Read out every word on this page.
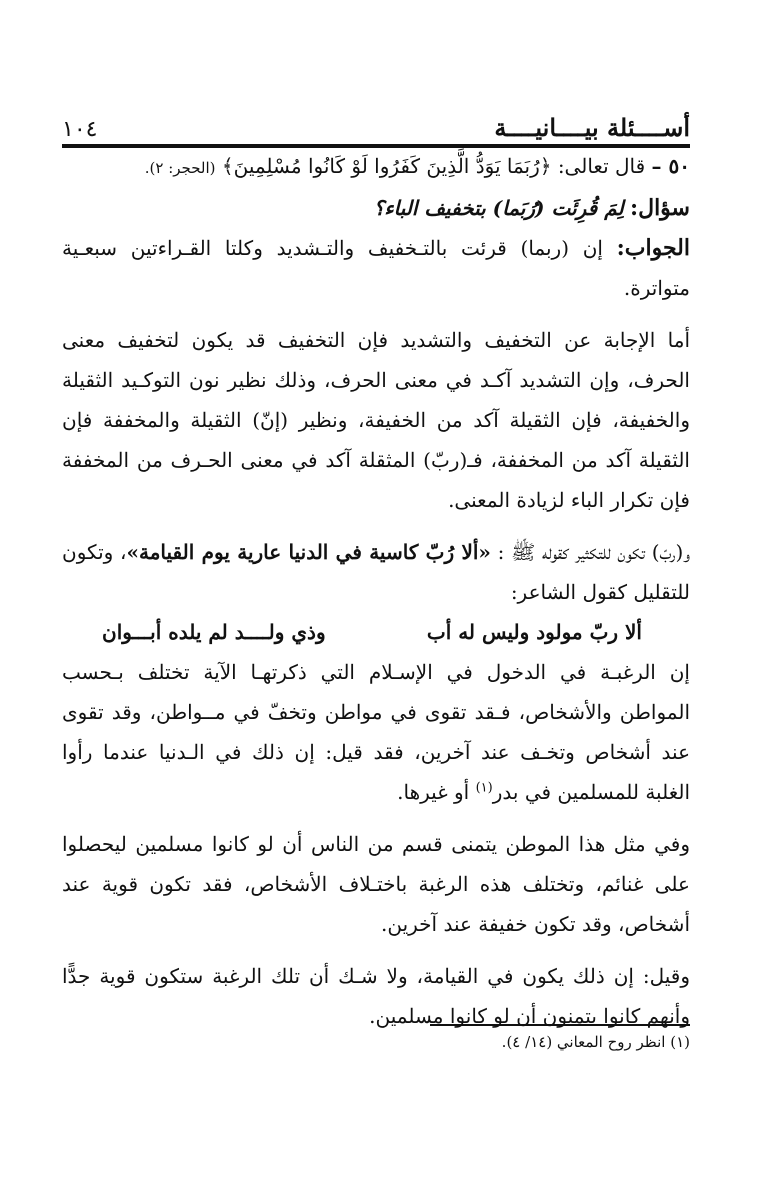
أســــئلة بيــــانيــــة
١٠٤

٥٠ – قال تعالى: ﴿رُبَمَا يَوَدُّ الَّذِينَ كَفَرُوا لَوْ كَانُوا مُسْلِمِينَ﴾ (الحجر: ٢).

سؤال: لِمَ قُرِئَت (رُبَما) بتخفيف الباء؟

الجواب: إن (ربما) قرئت بالتـخفيف والتـشديد وكلتا القـراءتين سبعـية متواترة.

أما الإجابة عن التخفيف والتشديد فإن التخفيف قد يكون لتخفيف معنى الحرف، وإن التشديد آكـد في معنى الحرف، وذلك نظير نون التوكـيد الثقيلة والخفيفة، فإن الثقيلة آكد من الخفيفة، ونظير (إنّ) الثقيلة والمخففة فإن الثقيلة آكد من المخففة، فـ(ربّ) المثقلة آكد في معنى الحـرف من المخففة فإن تكرار الباء لزيادة المعنى.

و(ربّ) تكون للتكثير كقوله ﷺ : «ألا رُبّ كاسية في الدنيا عارية يوم القيامة»، وتكون للتقليل كقول الشاعر:

ألا ربّ مولود وليس له أب
وذي ولــــد لم يلده أبـــوان

إن الرغبـة في الدخول في الإسـلام التي ذكرتهـا الآية تختلف بـحسب المواطن والأشخاص، فـقد تقوى في مواطن وتخفّ في مــواطن، وقد تقوى عند أشخاص وتخـف عند آخرين، فقد قيل: إن ذلك في الـدنيا عندما رأوا الغلبة للمسلمين في بدر$^{(١)}$ أو غيرها.

وفي مثل هذا الموطن يتمنى قسم من الناس أن لو كانوا مسلمين ليحصلوا على غنائم، وتختلف هذه الرغبة باختـلاف الأشخاص، فقد تكون قوية عند أشخاص، وقد تكون خفيفة عند آخرين.

وقيل: إن ذلك يكون في القيامة، ولا شـك أن تلك الرغبة ستكون قوية جدًّا وأنهم كانوا يتمنون أن لو كانوا مسلمين.

(١) انظر روح المعاني (١٤/ ٤).
